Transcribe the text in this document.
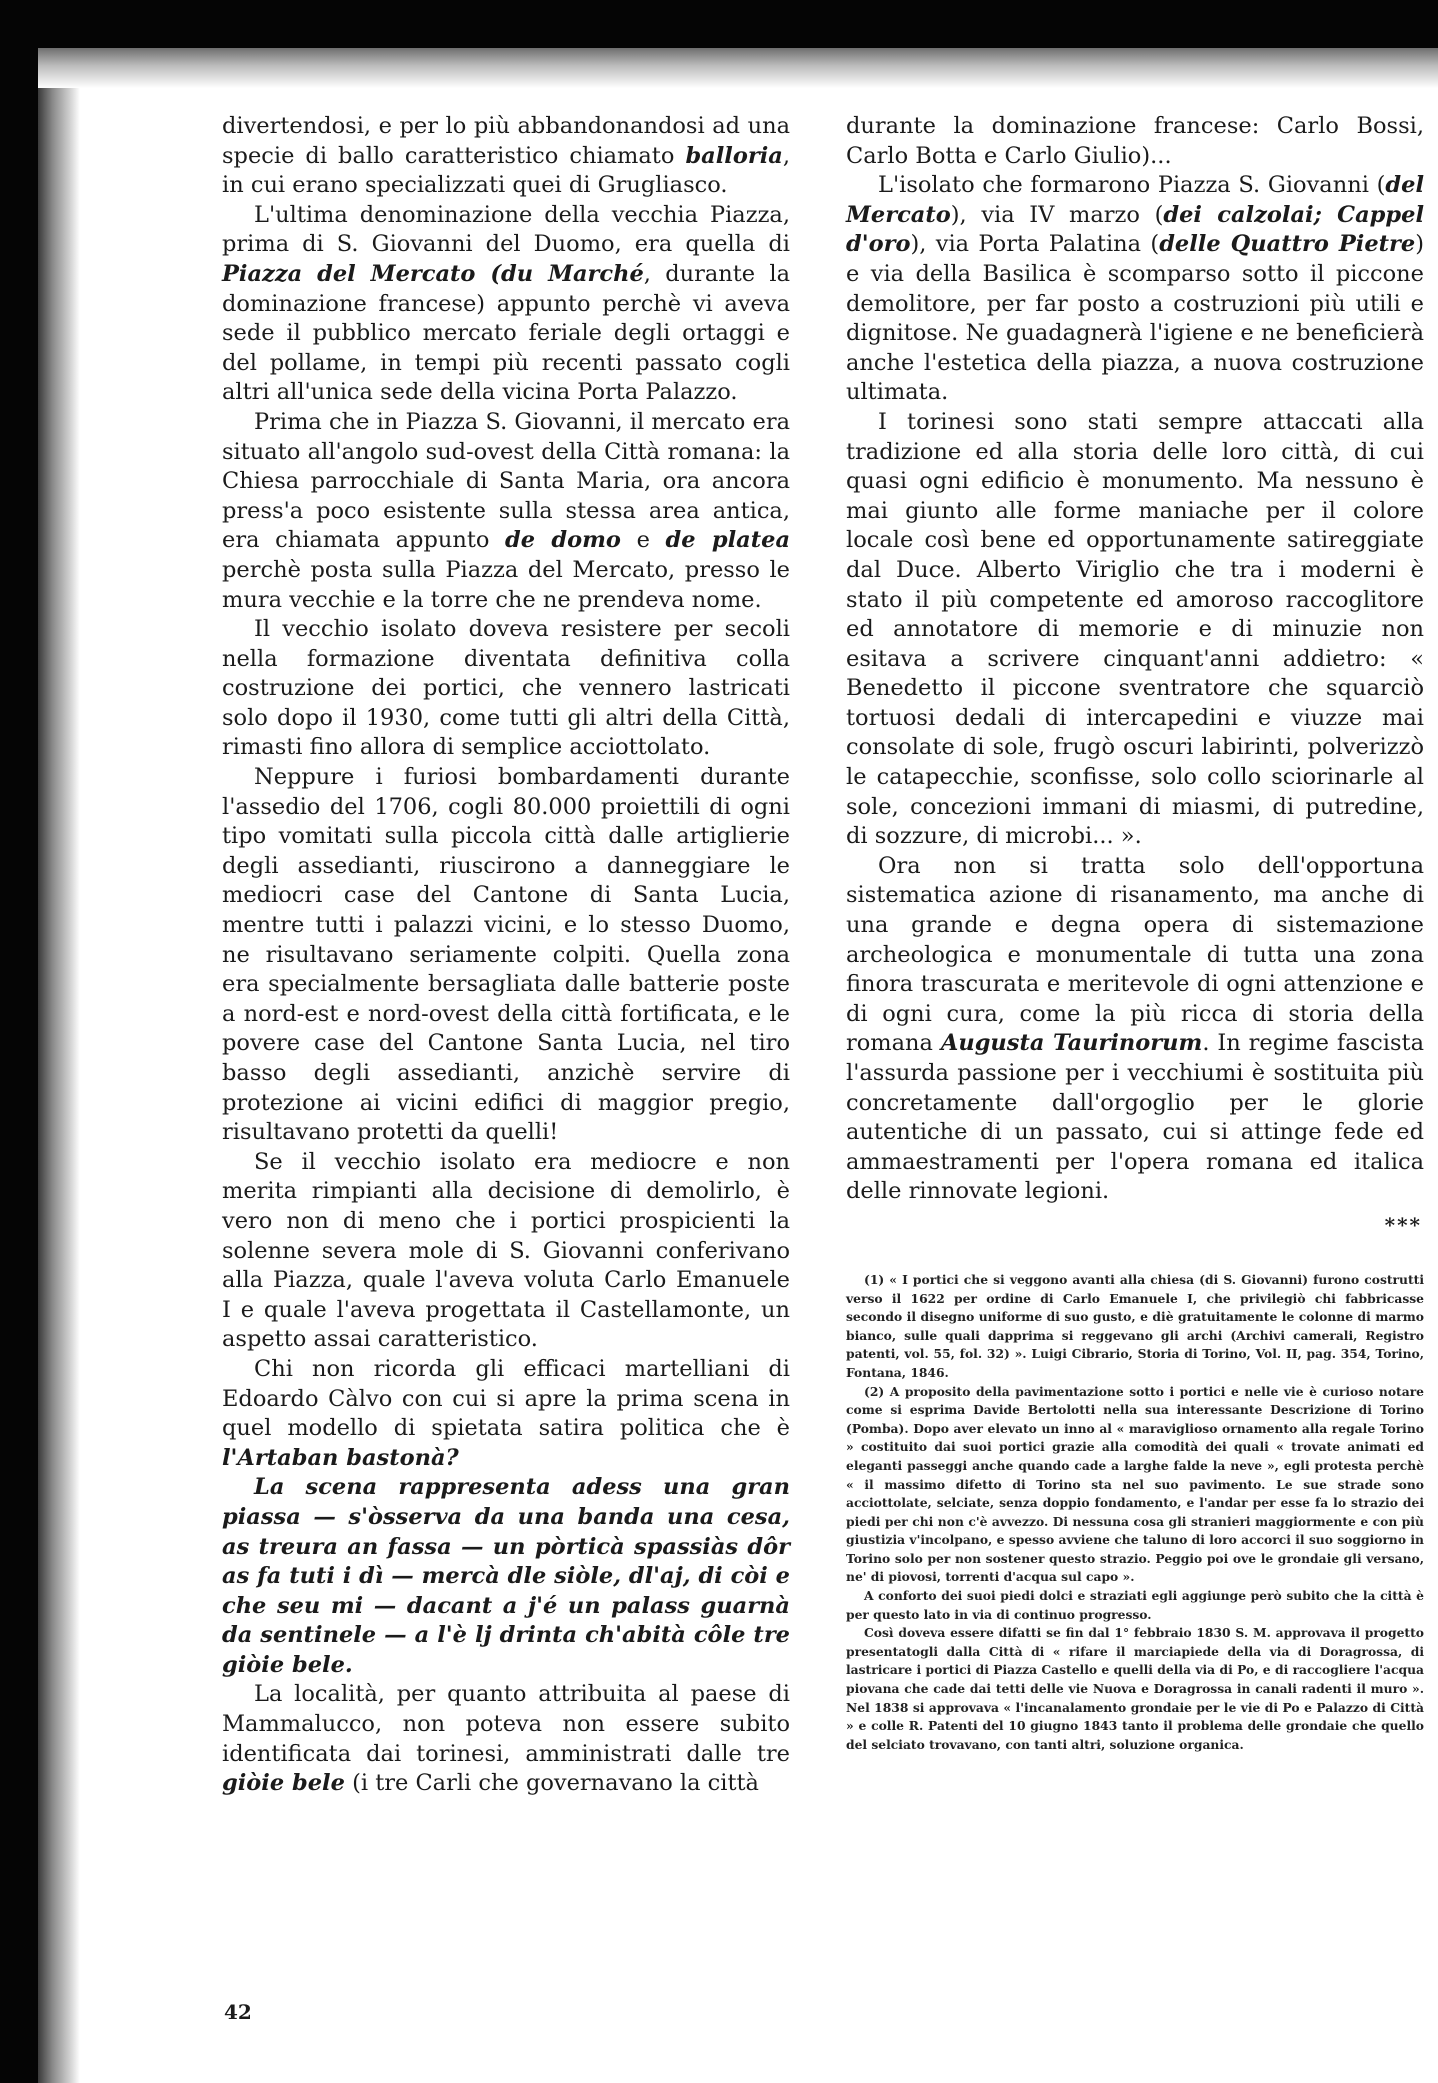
divertendosi, e per lo più abbandonandosi ad una specie di ballo caratteristico chiamato balloria, in cui erano specializzati quei di Grugliasco.

L'ultima denominazione della vecchia Piazza, prima di S. Giovanni del Duomo, era quella di Piazza del Mercato (du Marché, durante la dominazione francese) appunto perchè vi aveva sede il pubblico mercato feriale degli ortaggi e del pollame, in tempi più recenti passato cogli altri all'unica sede della vicina Porta Palazzo.

Prima che in Piazza S. Giovanni, il mercato era situato all'angolo sud-ovest della Città romana: la Chiesa parrocchiale di Santa Maria, ora ancora press'a poco esistente sulla stessa area antica, era chiamata appunto de domo e de platea perchè posta sulla Piazza del Mercato, presso le mura vecchie e la torre che ne prendeva nome.

Il vecchio isolato doveva resistere per secoli nella formazione diventata definitiva colla costruzione dei portici, che vennero lastricati solo dopo il 1930, come tutti gli altri della Città, rimasti fino allora di semplice acciottolato.

Neppure i furiosi bombardamenti durante l'assedio del 1706, cogli 80.000 proiettili di ogni tipo vomitati sulla piccola città dalle artiglierie degli assedianti, riuscirono a danneggiare le mediocri case del Cantone di Santa Lucia, mentre tutti i palazzi vicini, e lo stesso Duomo, ne risultavano seriamente colpiti. Quella zona era specialmente bersagliata dalle batterie poste a nord-est e nord-ovest della città fortificata, e le povere case del Cantone Santa Lucia, nel tiro basso degli assedianti, anzichè servire di protezione ai vicini edifici di maggior pregio, risultavano protetti da quelli!

Se il vecchio isolato era mediocre e non merita rimpianti alla decisione di demolirlo, è vero non di meno che i portici prospicienti la solenne severa mole di S. Giovanni conferivano alla Piazza, quale l'aveva voluta Carlo Emanuele I e quale l'aveva progettata il Castellamonte, un aspetto assai caratteristico.

Chi non ricorda gli efficaci martelliani di Edoardo Càlvo con cui si apre la prima scena in quel modello di spietata satira politica che è l'Artaban bastonà?

La scena rappresenta adess una gran piassa — s'òsserva da una banda una cesa, as treura an fassa — un pòrticà spassiàs dôr as fa tuti i dì — mercà dle siòle, dl'aj, di còi e che seu mi — dacant a j'é un palass guarnà da sentinele — a l'è lj drinta ch'abità côle tre giòie bele.

La località, per quanto attribuita al paese di Mammalucco, non poteva non essere subito identificata dai torinesi, amministrati dalle tre giòie bele (i tre Carli che governavano la città

durante la dominazione francese: Carlo Bossi, Carlo Botta e Carlo Giulio)...

L'isolato che formarono Piazza S. Giovanni (del Mercato), via IV marzo (dei calzolai; Cappel d'oro), via Porta Palatina (delle Quattro Pietre) e via della Basilica è scomparso sotto il piccone demolitore, per far posto a costruzioni più utili e dignitose. Ne guadagnerà l'igiene e ne beneficierà anche l'estetica della piazza, a nuova costruzione ultimata.

I torinesi sono stati sempre attaccati alla tradizione ed alla storia delle loro città, di cui quasi ogni edificio è monumento. Ma nessuno è mai giunto alle forme maniache per il colore locale così bene ed opportunamente satireggiate dal Duce. Alberto Viriglio che tra i moderni è stato il più competente ed amoroso raccoglitore ed annotatore di memorie e di minuzie non esitava a scrivere cinquant'anni addietro: « Benedetto il piccone sventratore che squarciò tortuosi dedali di intercapedini e viuzze mai consolate di sole, frugò oscuri labirinti, polverizzò le catapecchie, sconfisse, solo collo sciorinarle al sole, concezioni immani di miasmi, di putredine, di sozzure, di microbi... ».

Ora non si tratta solo dell'opportuna sistematica azione di risanamento, ma anche di una grande e degna opera di sistemazione archeologica e monumentale di tutta una zona finora trascurata e meritevole di ogni attenzione e di ogni cura, come la più ricca di storia della romana Augusta Taurinorum. In regime fascista l'assurda passione per i vecchiumi è sostituita più concretamente dall'orgoglio per le glorie autentiche di un passato, cui si attinge fede ed ammaestramenti per l'opera romana ed italica delle rinnovate legioni.

***

(1) « I portici che si veggono avanti alla chiesa (di S. Giovanni) furono costrutti verso il 1622 per ordine di Carlo Emanuele I, che privilegiò chi fabbricasse secondo il disegno uniforme di suo gusto, e diè gratuitamente le colonne di marmo bianco, sulle quali dapprima si reggevano gli archi (Archivi camerali, Registro patenti, vol. 55, fol. 32) ». Luigi Cibrario, Storia di Torino, Vol. II, pag. 354, Torino, Fontana, 1846.

(2) A proposito della pavimentazione sotto i portici e nelle vie è curioso notare come si esprima Davide Bertolotti nella sua interessante Descrizione di Torino (Pomba). Dopo aver elevato un inno al « maraviglioso ornamento alla regale Torino » costituito dai suoi portici grazie alla comodità dei quali « trovate animati ed eleganti passeggi anche quando cade a larghe falde la neve », egli protesta perchè « il massimo difetto di Torino sta nel suo pavimento. Le sue strade sono acciottolate, selciate, senza doppio fondamento, e l'andar per esse fa lo strazio dei piedi per chi non c'è avvezzo. Di nessuna cosa gli stranieri maggiormente e con più giustizia v'incolpano, e spesso avviene che taluno di loro accorci il suo soggiorno in Torino solo per non sostener questo strazio. Peggio poi ove le grondaie gli versano, ne' di piovosi, torrenti d'acqua sul capo ».

A conforto dei suoi piedi dolci e straziati egli aggiunge però subito che la città è per questo lato in via di continuo progresso.

Così doveva essere difatti se fin dal 1° febbraio 1830 S. M. approvava il progetto presentatogli dalla Città di « rifare il marciapiede della via di Doragrossa, di lastricare i portici di Piazza Castello e quelli della via di Po, e di raccogliere l'acqua piovana che cade dai tetti delle vie Nuova e Doragrossa in canali radenti il muro ». Nel 1838 si approvava « l'incanalamento grondaie per le vie di Po e Palazzo di Città » e colle R. Patenti del 10 giugno 1843 tanto il problema delle grondaie che quello del selciato trovavano, con tanti altri, soluzione organica.

42
